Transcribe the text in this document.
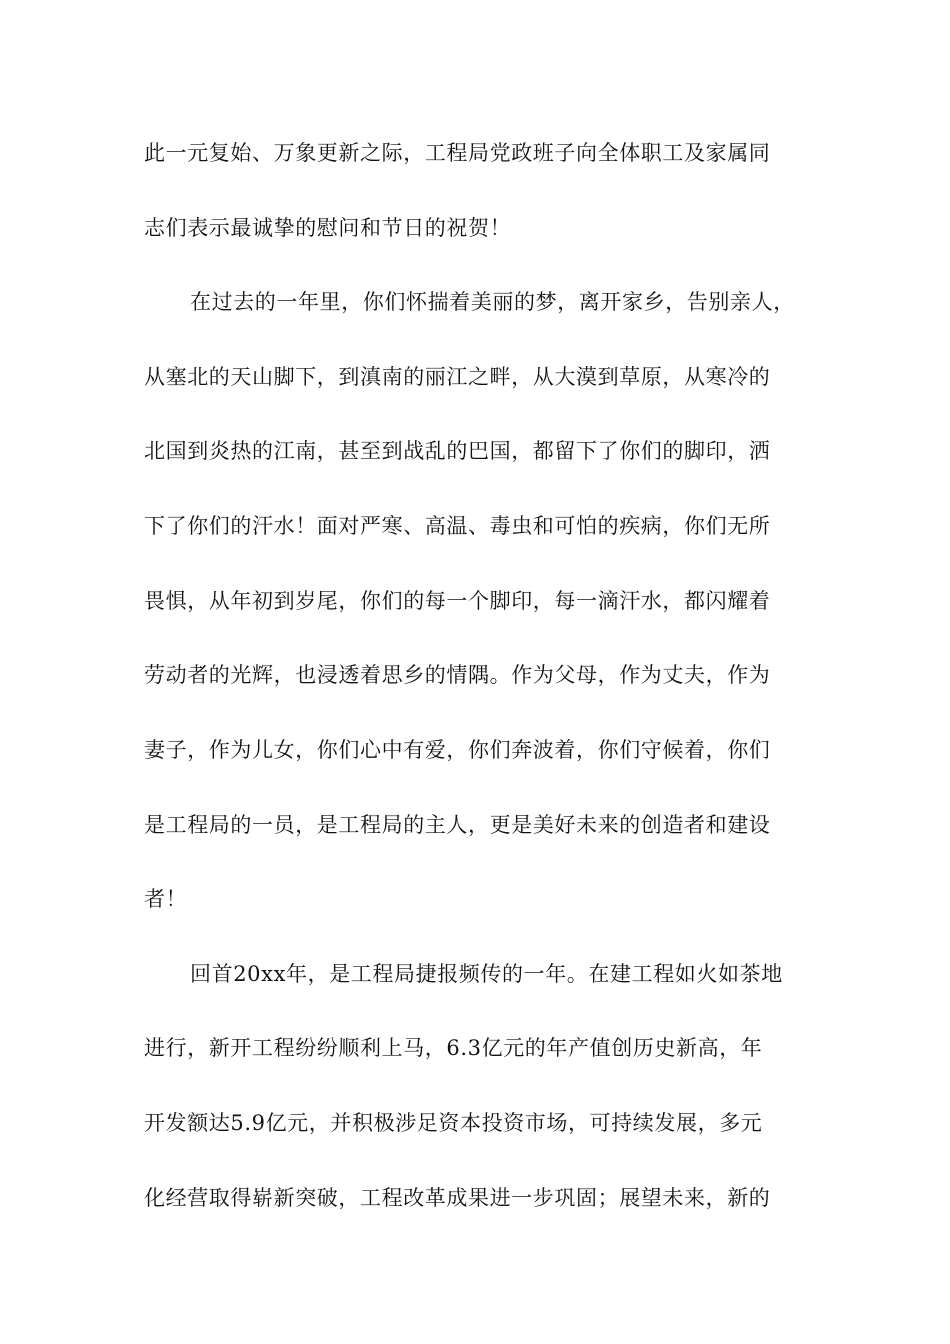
此一元复始、万象更新之际，工程局党政班子向全体职工及家属同
志们表示最诚挚的慰问和节日的祝贺！
在过去的一年里，你们怀揣着美丽的梦，离开家乡，告别亲人，
从塞北的天山脚下，到滇南的丽江之畔，从大漠到草原，从寒冷的
北国到炎热的江南，甚至到战乱的巴国，都留下了你们的脚印，洒
下了你们的汗水！面对严寒、高温、毒虫和可怕的疾病，你们无所
畏惧，从年初到岁尾，你们的每一个脚印，每一滴汗水，都闪耀着
劳动者的光辉，也浸透着思乡的情隅。作为父母，作为丈夫，作为
妻子，作为儿女，你们心中有爱，你们奔波着，你们守候着，你们
是工程局的一员，是工程局的主人，更是美好未来的创造者和建设
者！
回首20xx年，是工程局捷报频传的一年。在建工程如火如茶地
进行，新开工程纷纷顺利上马，6.3亿元的年产值创历史新高，年
开发额达5.9亿元，并积极涉足资本投资市场，可持续发展，多元
化经营取得崭新突破，工程改革成果进一步巩固；展望未来，新的
